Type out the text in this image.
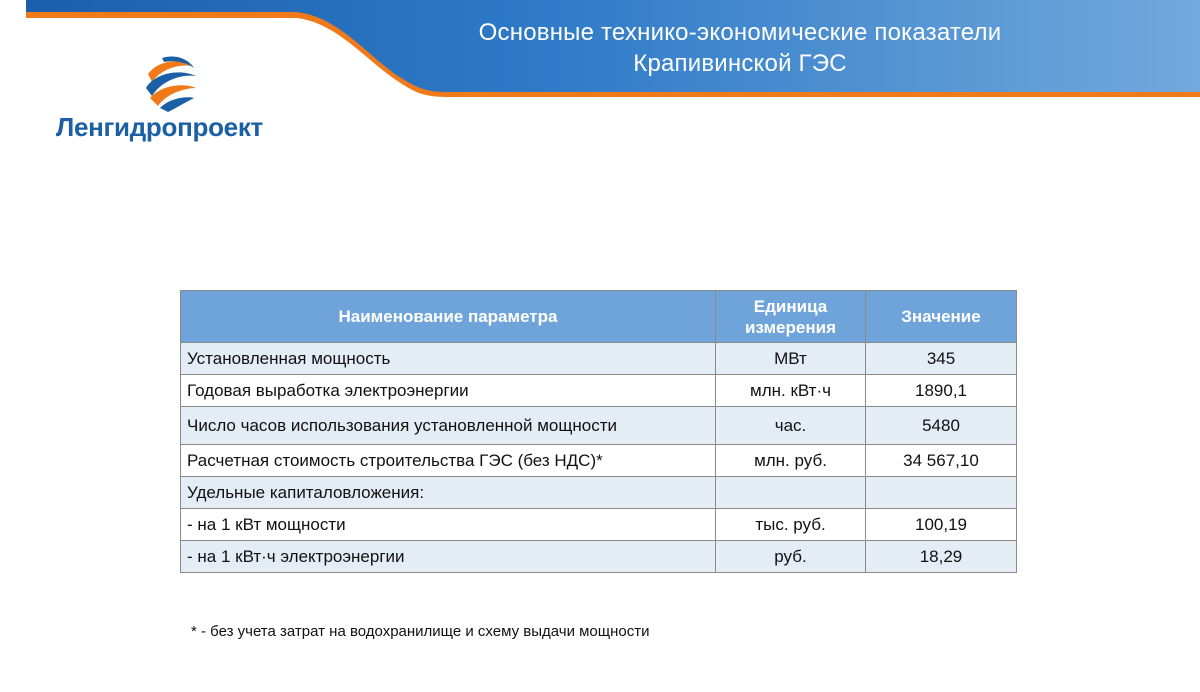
Основные технико-экономические показатели
Крапивинской ГЭС
Ленгидропроект
Наименование параметра	Единица измерения	Значение
Установленная мощность	МВт	345
Годовая выработка электроэнергии	млн. кВт·ч	1890,1
Число часов использования установленной мощности	час.	5480
Расчетная стоимость строительства ГЭС (без НДС)*	млн. руб.	34 567,10
Удельные капиталовложения:		
- на 1 кВт мощности	тыс. руб.	100,19
- на 1 кВт·ч электроэнергии	руб.	18,29
* - без учета затрат на водохранилище и схему выдачи мощности
